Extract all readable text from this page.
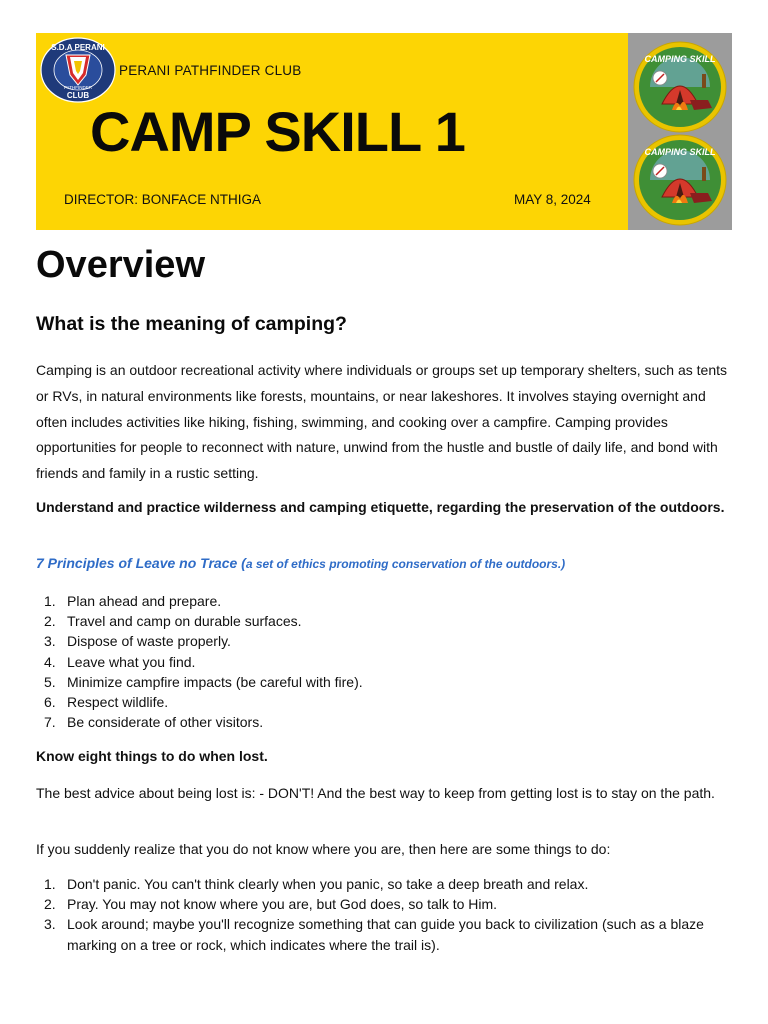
S.D.A PERANI
PATHFINDER
CLUB
PERANI PATHFINDER CLUB
CAMP SKILL 1
DIRECTOR: BONFACE NTHIGA	MAY 8, 2024
CAMPING SKILL
CAMPING SKILL
Overview
What is the meaning of camping?

Camping is an outdoor recreational activity where individuals or groups set up temporary shelters, such as tents or RVs, in natural environments like forests, mountains, or near lakeshores. It involves staying overnight and often includes activities like hiking, fishing, swimming, and cooking over a campfire. Camping provides opportunities for people to reconnect with nature, unwind from the hustle and bustle of daily life, and bond with friends and family in a rustic setting.

Understand and practice wilderness and camping etiquette, regarding the preservation of the outdoors.

7 Principles of Leave no Trace (a set of ethics promoting conservation of the outdoors.)
1. Plan ahead and prepare.
2. Travel and camp on durable surfaces.
3. Dispose of waste properly.
4. Leave what you find.
5. Minimize campfire impacts (be careful with fire).
6. Respect wildlife.
7. Be considerate of other visitors.

Know eight things to do when lost.

The best advice about being lost is: - DON'T! And the best way to keep from getting lost is to stay on the path.

If you suddenly realize that you do not know where you are, then here are some things to do:

1. Don't panic. You can't think clearly when you panic, so take a deep breath and relax.
2. Pray. You may not know where you are, but God does, so talk to Him.
3. Look around; maybe you'll recognize something that can guide you back to civilization (such as a blaze marking on a tree or rock, which indicates where the trail is).
